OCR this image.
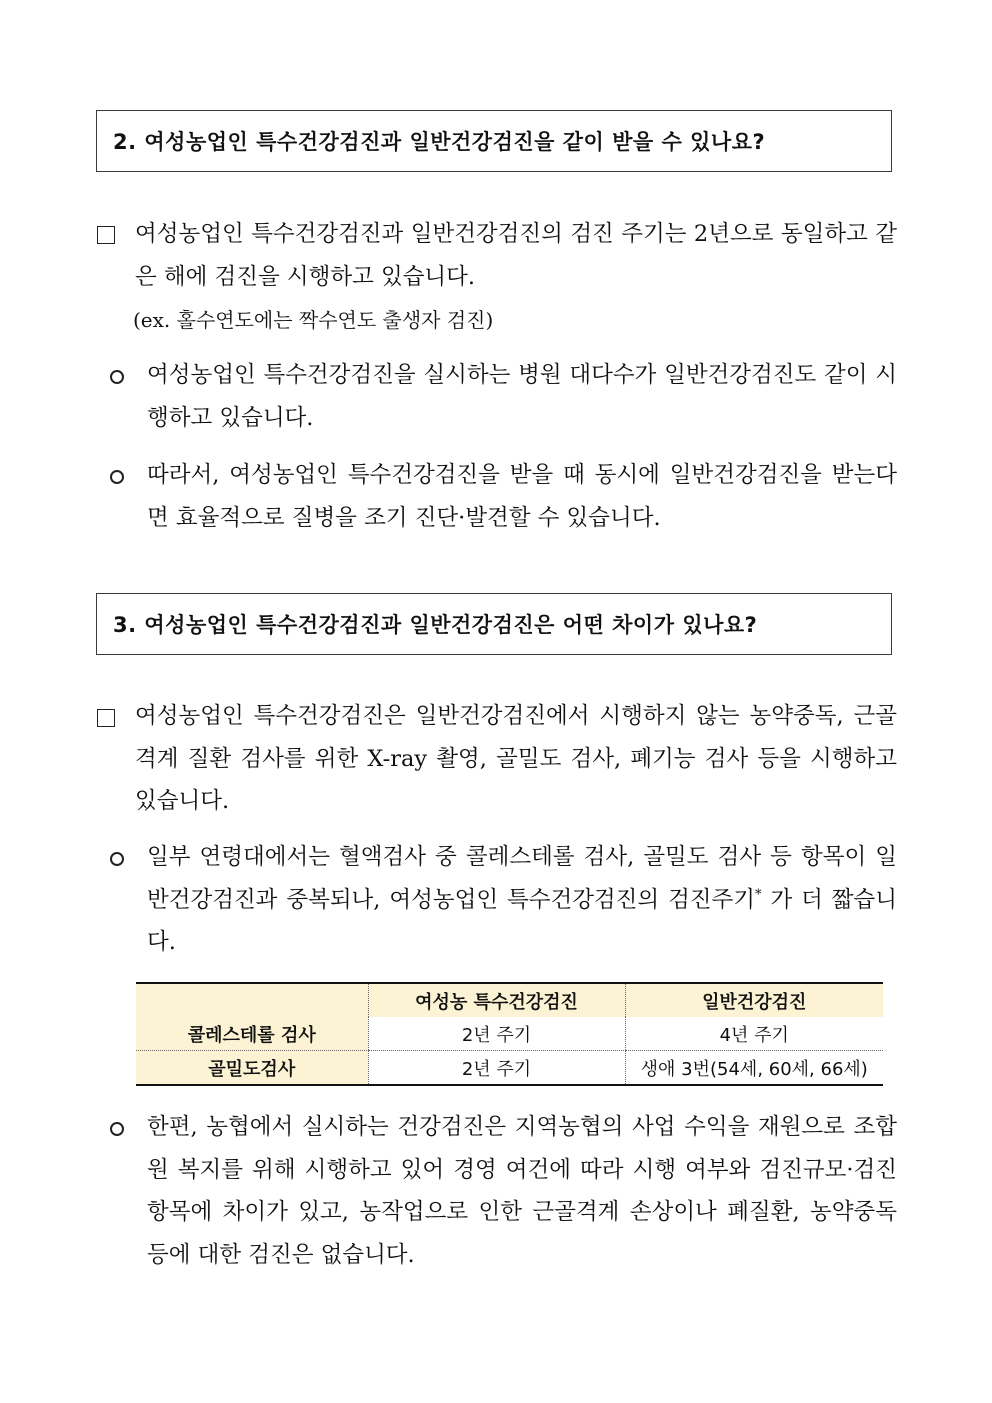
2. 여성농업인 특수건강검진과 일반건강검진을 같이 받을 수 있나요?
여성농업인 특수건강검진과 일반건강검진의 검진 주기는 2년으로 동일하고 같은 해에 검진을 시행하고 있습니다.
(ex. 홀수연도에는 짝수연도 출생자 검진)
여성농업인 특수건강검진을 실시하는 병원 대다수가 일반건강검진도 같이 시행하고 있습니다.
따라서, 여성농업인 특수건강검진을 받을 때 동시에 일반건강검진을 받는다면 효율적으로 질병을 조기 진단·발견할 수 있습니다.
3. 여성농업인 특수건강검진과 일반건강검진은 어떤 차이가 있나요?
여성농업인 특수건강검진은 일반건강검진에서 시행하지 않는 농약중독, 근골격계 질환 검사를 위한 X-ray 촬영, 골밀도 검사, 폐기능 검사 등을 시행하고 있습니다.
일부 연령대에서는 혈액검사 중 콜레스테롤 검사, 골밀도 검사 등 항목이 일반건강검진과 중복되나, 여성농업인 특수건강검진의 검진주기* 가 더 짧습니다.
	여성농 특수건강검진	일반건강검진
콜레스테롤 검사	2년 주기	4년 주기
골밀도검사	2년 주기	생애 3번(54세, 60세, 66세)
한편, 농협에서 실시하는 건강검진은 지역농협의 사업 수익을 재원으로 조합원 복지를 위해 시행하고 있어 경영 여건에 따라 시행 여부와 검진규모·검진항목에 차이가 있고, 농작업으로 인한 근골격계 손상이나 폐질환, 농약중독 등에 대한 검진은 없습니다.
